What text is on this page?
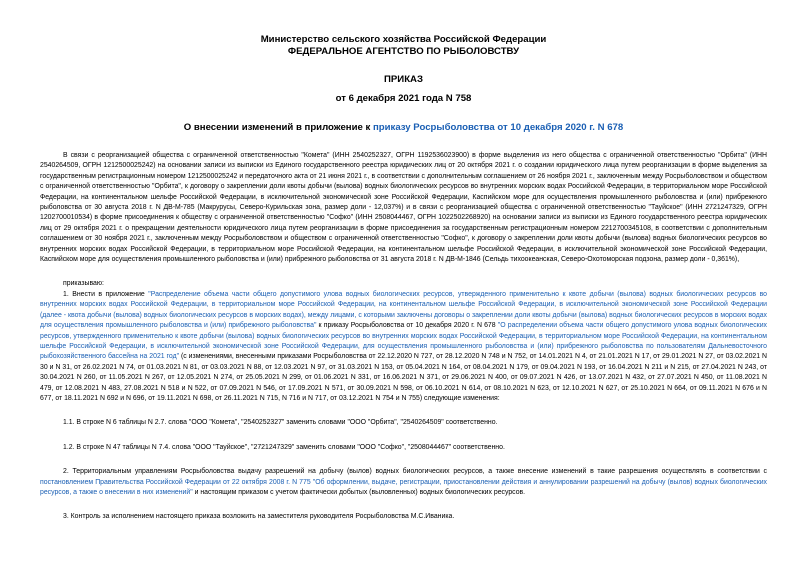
Министерство сельского хозяйства Российской Федерации
ФЕДЕРАЛЬНОЕ АГЕНТСТВО ПО РЫБОЛОВСТВУ
ПРИКАЗ
от 6 декабря 2021 года N 758
О внесении изменений в приложение к приказу Росрыболовства от 10 декабря 2020 г. N 678

В связи с реорганизацией общества с ограниченной ответственностью "Комета" (ИНН 2540252327, ОГРН 1192536023900) в форме выделения из него общества с ограниченной ответственностью "Орбита" (ИНН 2540264509, ОГРН 1212500025242) на основании записи из выписки из Единого государственного реестра юридических лиц от 20 октября 2021 г. о создании юридического лица путем реорганизации в форме выделения за государственным регистрационным номером 1212500025242 и передаточного акта от 21 июня 2021 г., в соответствии с дополнительным соглашением от 26 ноября 2021 г., заключенным между Росрыболовством и обществом с ограниченной ответственностью "Орбита", к договору о закреплении доли квоты добычи (вылова) водных биологических ресурсов во внутренних морских водах Российской Федерации, в территориальном море Российской Федерации, на континентальном шельфе Российской Федерации, в исключительной экономической зоне Российской Федерации, Каспийском море для осуществления промышленного рыболовства и (или) прибрежного рыболовства от 30 августа 2018 г. N ДВ-М-785 (Макрурусы, Северо-Курильская зона, размер доли - 12,037%) и в связи с реорганизацией общества с ограниченной ответственностью "Тауйское" (ИНН 2721247329, ОГРН 1202700010534) в форме присоединения к обществу с ограниченной ответственностью "Софко" (ИНН 2508044467, ОГРН 1022502268920) на основании записи из выписки из Единого государственного реестра юридических лиц от 29 октября 2021 г. о прекращении деятельности юридического лица путем реорганизации в форме присоединения за государственным регистрационным номером 2212700345108, в соответствии с дополнительным соглашением от 30 ноября 2021 г., заключенным между Росрыболовством и обществом с ограниченной ответственностью "Софко", к договору о закреплении доли квоты добычи (вылова) водных биологических ресурсов во внутренних морских водах Российской Федерации, в территориальном море Российской Федерации, на континентальном шельфе Российской Федерации, в исключительной экономической зоне Российской Федерации, Каспийском море для осуществления промышленного рыболовства и (или) прибрежного рыболовства от 31 августа 2018 г. N ДВ-М-1846 (Сельдь тихоокеанская, Северо-Охотоморская подзона, размер доли - 0,361%),

приказываю:

1. Внести в приложение "Распределение объема части общего допустимого улова водных биологических ресурсов, утвержденного применительно к квоте добычи (вылова) водных биологических ресурсов во внутренних морских водах Российской Федерации, в территориальном море Российской Федерации, на континентальном шельфе Российской Федерации, в исключительной экономической зоне Российской Федерации (далее - квота добычи (вылова) водных биологических ресурсов в морских водах), между лицами, с которыми заключены договоры о закреплении доли квоты добычи (вылова) водных биологических ресурсов в морских водах для осуществления промышленного рыболовства и (или) прибрежного рыболовства" к приказу Росрыболовства от 10 декабря 2020 г. N 678 "О распределении объема части общего допустимого улова водных биологических ресурсов, утвержденного применительно к квоте добычи (вылова) водных биологических ресурсов во внутренних морских водах Российской Федерации, в территориальном море Российской Федерации, на континентальном шельфе Российской Федерации, в исключительной экономической зоне Российской Федерации, для осуществления промышленного рыболовства и (или) прибрежного рыболовства по пользователям Дальневосточного рыбохозяйственного бассейна на 2021 год" (с изменениями, внесенными приказами Росрыболовства от 22.12.2020 N 727, от 28.12.2020 N 748 и N 752, от 14.01.2021 N 4, от 21.01.2021 N 17, от 29.01.2021 N 27, от 03.02.2021 N 30 и N 31, от 26.02.2021 N 74, от 01.03.2021 N 81, от 03.03.2021 N 88, от 12.03.2021 N 97, от 31.03.2021 N 153, от 05.04.2021 N 164, от 08.04.2021 N 179, от 09.04.2021 N 193, от 16.04.2021 N 211 и N 215, от 27.04.2021 N 243, от 30.04.2021 N 260, от 11.05.2021 N 267, от 12.05.2021 N 274, от 25.05.2021 N 299, от 01.06.2021 N 331, от 16.06.2021 N 371, от 29.06.2021 N 400, от 09.07.2021 N 426, от 13.07.2021 N 432, от 27.07.2021 N 450, от 11.08.2021 N 479, от 12.08.2021 N 483, 27.08.2021 N 518 и N 522, от 07.09.2021 N 546, от 17.09.2021 N 571, от 30.09.2021 N 598, от 06.10.2021 N 614, от 08.10.2021 N 623, от 12.10.2021 N 627, от 25.10.2021 N 664, от 09.11.2021 N 676 и N 677, от 18.11.2021 N 692 и N 696, от 19.11.2021 N 698, от 26.11.2021 N 715, N 716 и N 717, от 03.12.2021 N 754 и N 755) следующие изменения:

1.1. В строке N 6 таблицы N 2.7. слова "ООО "Комета", "2540252327" заменить словами "ООО "Орбита", "2540264509" соответственно.

1.2. В строке N 47 таблицы N 7.4. слова "ООО "Тауйское", "2721247329" заменить словами "ООО "Софко", "2508044467" соответственно.

2. Территориальным управлениям Росрыболовства выдачу разрешений на добычу (вылов) водных биологических ресурсов, а также внесение изменений в такие разрешения осуществлять в соответствии с постановлением Правительства Российской Федерации от 22 октября 2008 г. N 775 "Об оформлении, выдаче, регистрации, приостановлении действия и аннулировании разрешений на добычу (вылов) водных биологических ресурсов, а также о внесении в них изменений" и настоящим приказом с учетом фактически добытых (выловленных) водных биологических ресурсов.

3. Контроль за исполнением настоящего приказа возложить на заместителя руководителя Росрыболовства М.С.Иваника.
